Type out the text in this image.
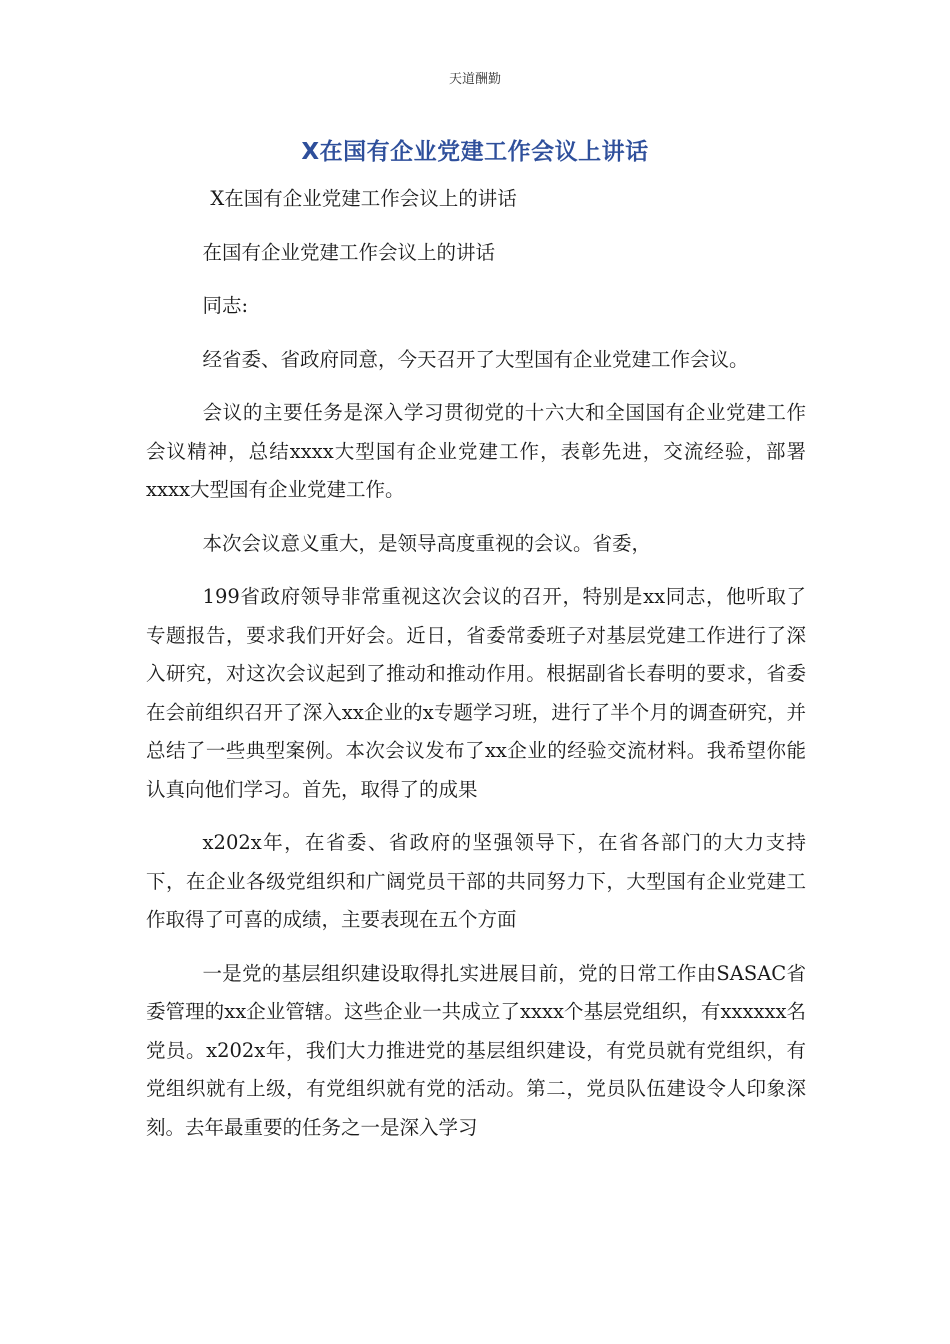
天道酬勤
X在国有企业党建工作会议上讲话

X在国有企业党建工作会议上的讲话

在国有企业党建工作会议上的讲话

同志:

经省委、省政府同意，今天召开了大型国有企业党建工作会议。

会议的主要任务是深入学习贯彻党的十六大和全国国有企业党建工作会议精神，总结xxxx大型国有企业党建工作，表彰先进，交流经验，部署xxxx大型国有企业党建工作。

本次会议意义重大，是领导高度重视的会议。省委，

199省政府领导非常重视这次会议的召开，特别是xx同志，他听取了专题报告，要求我们开好会。近日，省委常委班子对基层党建工作进行了深入研究，对这次会议起到了推动和推动作用。根据副省长春明的要求，省委在会前组织召开了深入xx企业的x专题学习班，进行了半个月的调查研究，并总结了一些典型案例。本次会议发布了xx企业的经验交流材料。我希望你能认真向他们学习。首先，取得了的成果

x202x年，在省委、省政府的坚强领导下，在省各部门的大力支持下，在企业各级党组织和广阔党员干部的共同努力下，大型国有企业党建工作取得了可喜的成绩，主要表现在五个方面

一是党的基层组织建设取得扎实进展目前，党的日常工作由SASAC省委管理的xx企业管辖。这些企业一共成立了xxxx个基层党组织，有xxxxxx名党员。x202x年，我们大力推进党的基层组织建设，有党员就有党组织，有党组织就有上级，有党组织就有党的活动。第二，党员队伍建设令人印象深刻。去年最重要的任务之一是深入学习
